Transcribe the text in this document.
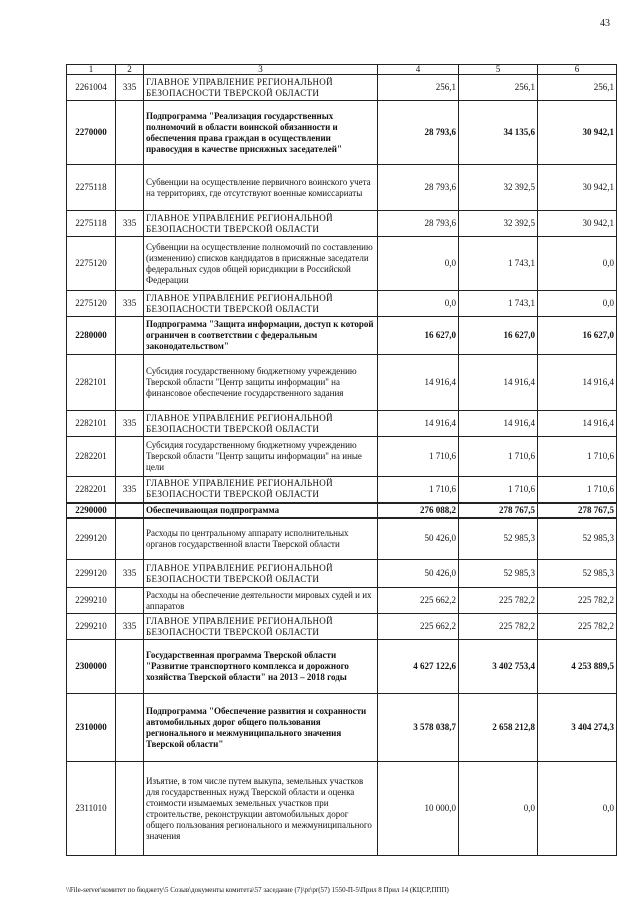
43
1	2	3	4	5	6
2261004	335	ГЛАВНОЕ УПРАВЛЕНИЕ РЕГИОНАЛЬНОЙ БЕЗОПАСНОСТИ ТВЕРСКОЙ ОБЛАСТИ	256,1	256,1	256,1
2270000		Подпрограмма "Реализация государственных полномочий в области воинской обязанности и обеспечения права граждан в осуществлении правосудия в качестве присяжных заседателей"	28 793,6	34 135,6	30 942,1
2275118		Субвенции на осуществление первичного воинского учета на территориях, где отсутствуют военные комиссариаты	28 793,6	32 392,5	30 942,1
2275118	335	ГЛАВНОЕ УПРАВЛЕНИЕ РЕГИОНАЛЬНОЙ БЕЗОПАСНОСТИ ТВЕРСКОЙ ОБЛАСТИ	28 793,6	32 392,5	30 942,1
2275120		Субвенции на осуществление полномочий по составлению (изменению) списков кандидатов в присяжные заседатели федеральных судов общей юрисдикции в Российской Федерации	0,0	1 743,1	0,0
2275120	335	ГЛАВНОЕ УПРАВЛЕНИЕ РЕГИОНАЛЬНОЙ БЕЗОПАСНОСТИ ТВЕРСКОЙ ОБЛАСТИ	0,0	1 743,1	0,0
2280000		Подпрограмма "Защита информации, доступ к которой ограничен в соответствии с федеральным законодательством"	16 627,0	16 627,0	16 627,0
2282101		Субсидия государственному бюджетному учреждению Тверской области "Центр защиты информации" на финансовое обеспечение государственного задания	14 916,4	14 916,4	14 916,4
2282101	335	ГЛАВНОЕ УПРАВЛЕНИЕ РЕГИОНАЛЬНОЙ БЕЗОПАСНОСТИ ТВЕРСКОЙ ОБЛАСТИ	14 916,4	14 916,4	14 916,4
2282201		Субсидия государственному бюджетному учреждению Тверской области "Центр защиты информации" на иные цели	1 710,6	1 710,6	1 710,6
2282201	335	ГЛАВНОЕ УПРАВЛЕНИЕ РЕГИОНАЛЬНОЙ БЕЗОПАСНОСТИ ТВЕРСКОЙ ОБЛАСТИ	1 710,6	1 710,6	1 710,6
2290000		Обеспечивающая подпрограмма	276 088,2	278 767,5	278 767,5
2299120		Расходы по центральному аппарату исполнительных органов государственной власти Тверской области	50 426,0	52 985,3	52 985,3
2299120	335	ГЛАВНОЕ УПРАВЛЕНИЕ РЕГИОНАЛЬНОЙ БЕЗОПАСНОСТИ ТВЕРСКОЙ ОБЛАСТИ	50 426,0	52 985,3	52 985,3
2299210		Расходы на обеспечение деятельности мировых судей и их аппаратов	225 662,2	225 782,2	225 782,2
2299210	335	ГЛАВНОЕ УПРАВЛЕНИЕ РЕГИОНАЛЬНОЙ БЕЗОПАСНОСТИ ТВЕРСКОЙ ОБЛАСТИ	225 662,2	225 782,2	225 782,2
2300000		Государственная программа Тверской области "Развитие транспортного комплекса и дорожного хозяйства Тверской области" на 2013 – 2018 годы	4 627 122,6	3 402 753,4	4 253 889,5
2310000		Подпрограмма "Обеспечение развития и сохранности автомобильных дорог общего пользования регионального и межмуниципального значения Тверской области"	3 578 038,7	2 658 212,8	3 404 274,3
2311010		Изъятие, в том числе путем выкупа, земельных участков для государственных нужд Тверской области и оценка стоимости изымаемых земельных участков при строительстве, реконструкции автомобильных дорог общего пользования регионального и межмуниципального значения	10 000,0	0,0	0,0
\\File-server\комитет по бюджету\5 Созыв\документы комитета\57 заседание (7)\pr\pr(57) 1550-П-5\Прил 8 Прил 14 (КЦСР,ППП)
